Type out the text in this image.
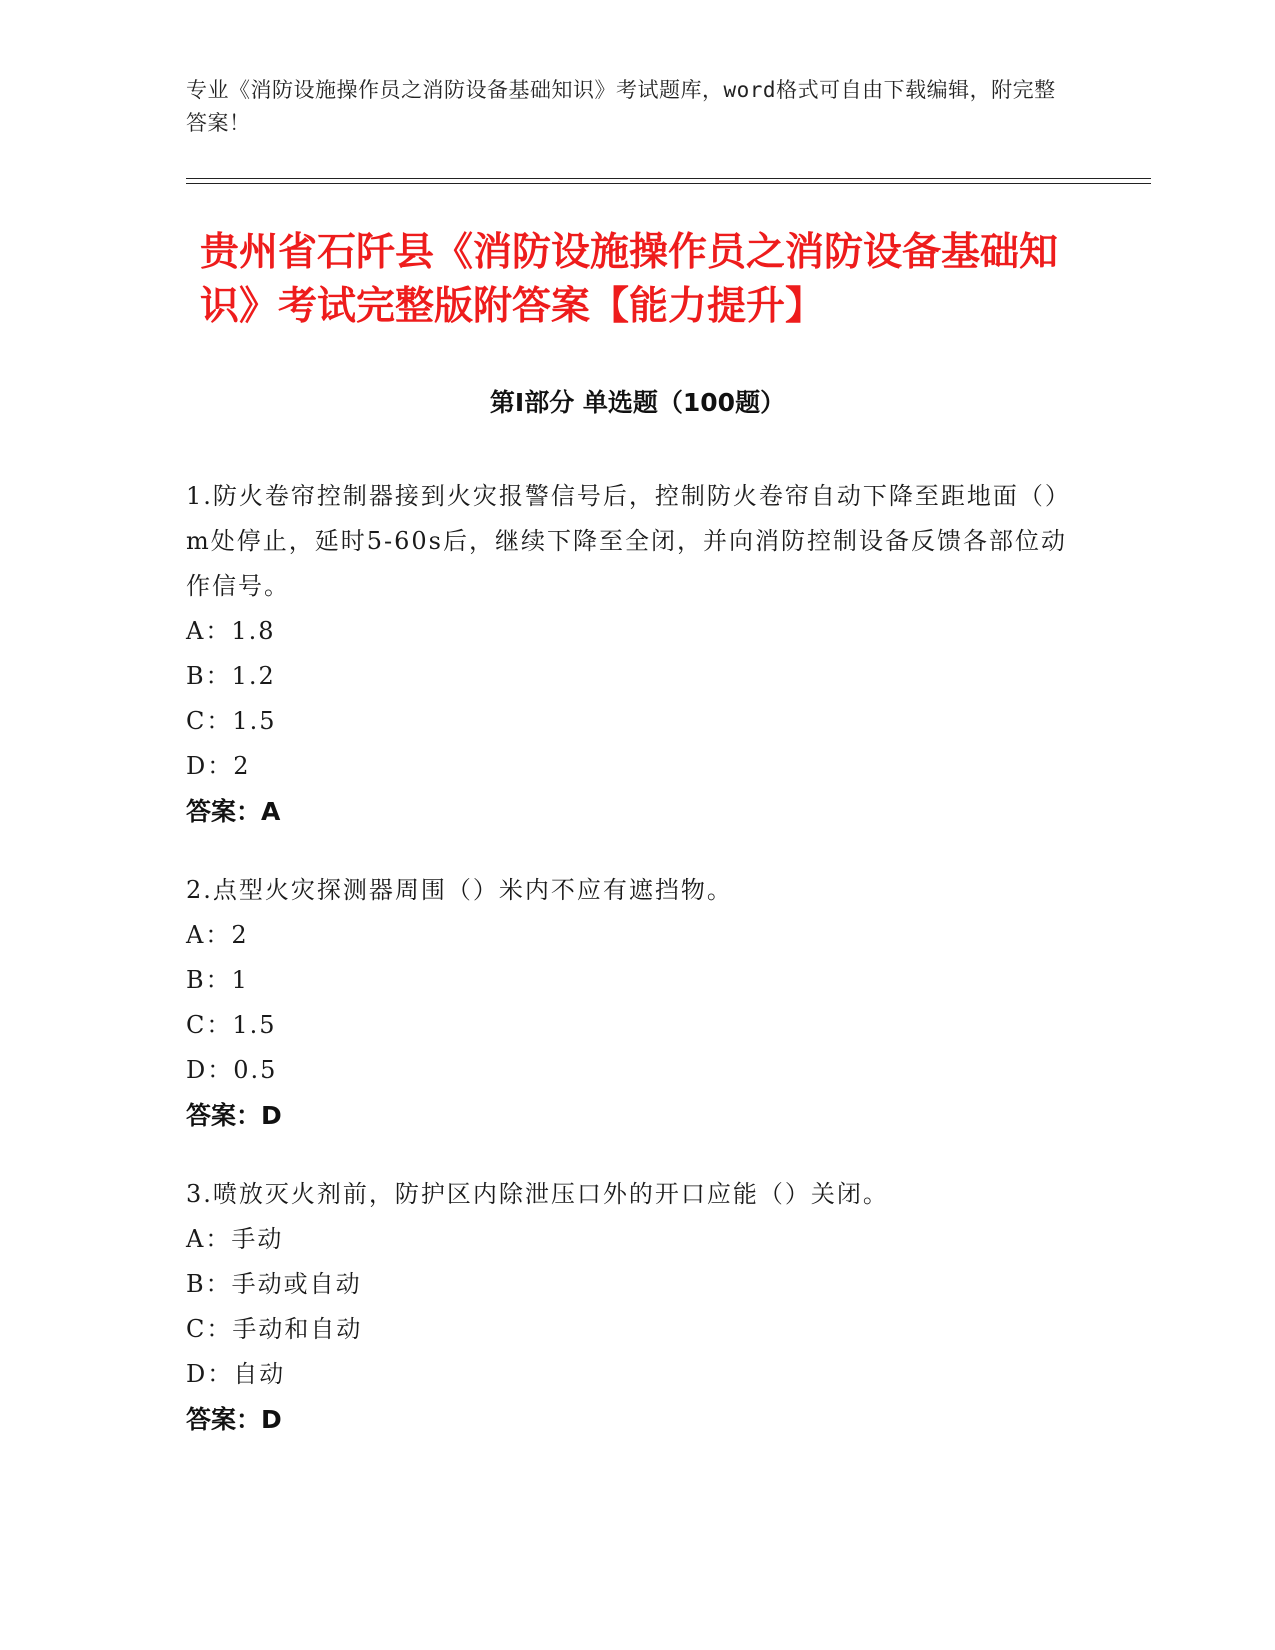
专业《消防设施操作员之消防设备基础知识》考试题库，word格式可自由下载编辑，附完整答案！
贵州省石阡县《消防设施操作员之消防设备基础知识》考试完整版附答案【能力提升】
第Ⅰ部分 单选题（100题）
1.防火卷帘控制器接到火灾报警信号后，控制防火卷帘自动下降至距地面（）m处停止，延时5-60s后，继续下降至全闭，并向消防控制设备反馈各部位动作信号。
A：1.8
B：1.2
C：1.5
D：2
答案：A
2.点型火灾探测器周围（）米内不应有遮挡物。
A：2
B：1
C：1.5
D：0.5
答案：D
3.喷放灭火剂前，防护区内除泄压口外的开口应能（）关闭。
A：手动
B：手动或自动
C：手动和自动
D：自动
答案：D
